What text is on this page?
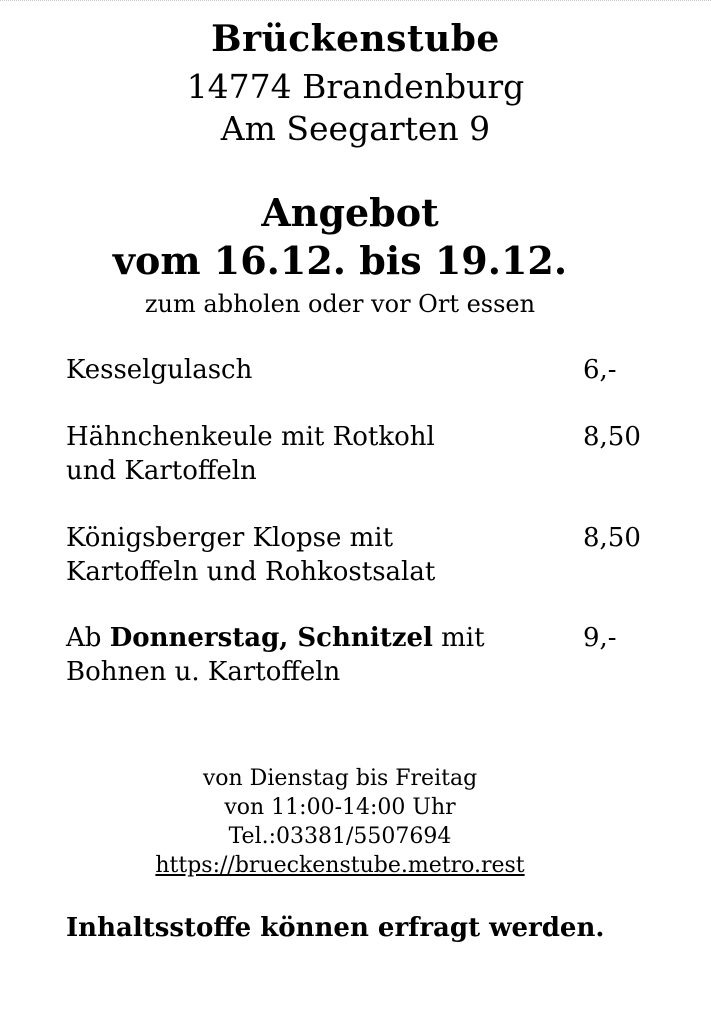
Brückenstube
14774 Brandenburg
Am Seegarten 9
Angebot
vom 16.12. bis 19.12.
zum abholen oder vor Ort essen
Kesselgulasch	6,-
Hähnchenkeule mit Rotkohl
und Kartoffeln
8,50
Königsberger Klopse mit
Kartoffeln und Rohkostsalat
8,50
Ab Donnerstag, Schnitzel mit
Bohnen u. Kartoffeln
9,-
von Dienstag bis Freitag
von 11:00-14:00 Uhr
Tel.:03381/5507694
https://brueckenstube.metro.rest
Inhaltsstoffe können erfragt werden.
